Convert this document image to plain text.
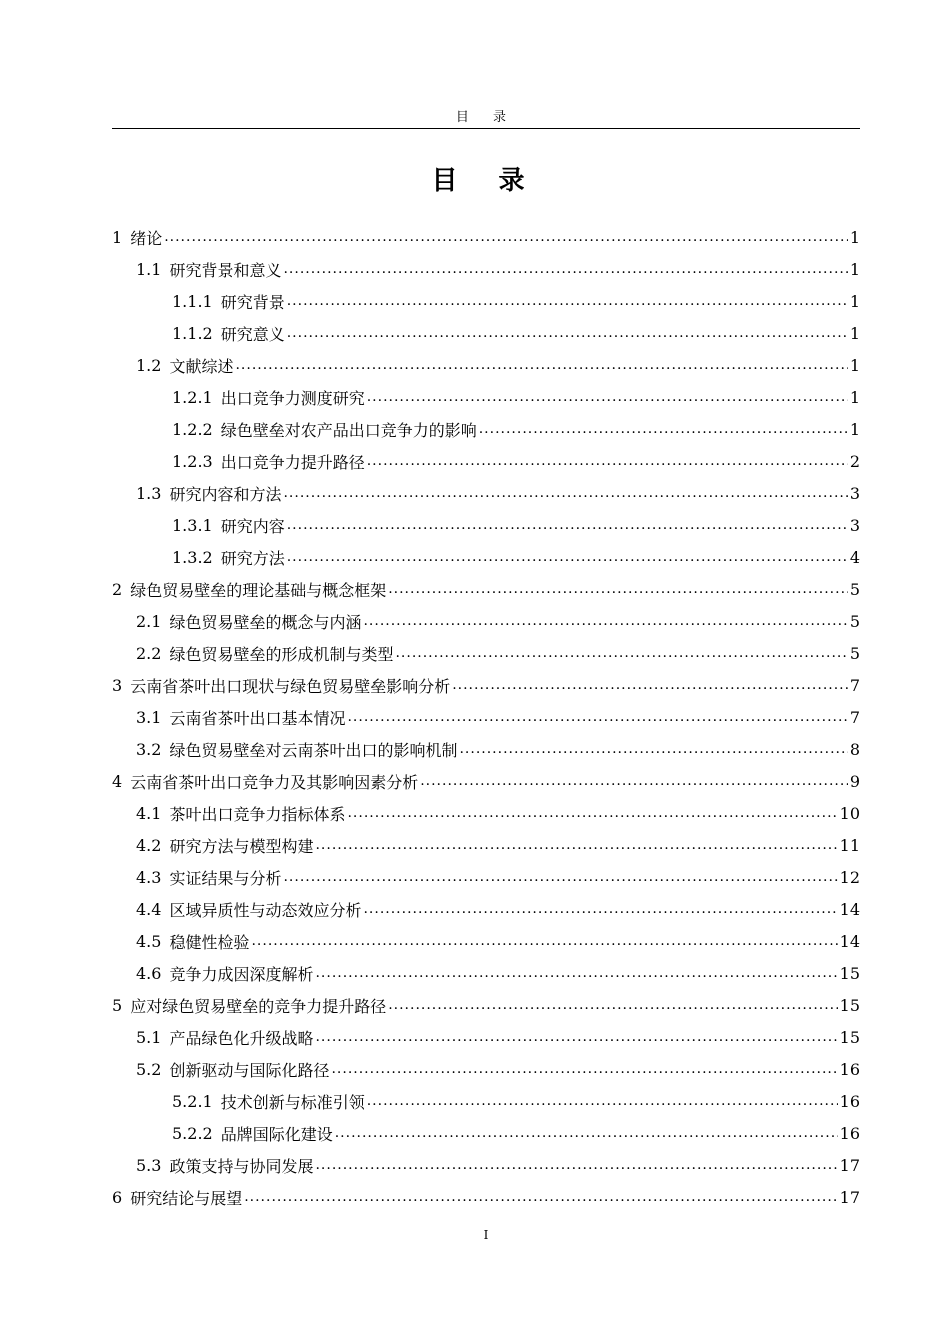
目 录
目 录
1 绪论 .....	1
1.1 研究背景和意义 .....	1
1.1.1 研究背景 .....	1
1.1.2 研究意义 .....	1
1.2 文献综述 .....	1
1.2.1 出口竞争力测度研究 .....	1
1.2.2 绿色壁垒对农产品出口竞争力的影响 .....	1
1.2.3 出口竞争力提升路径 .....	2
1.3 研究内容和方法 .....	3
1.3.1 研究内容 .....	3
1.3.2 研究方法 .....	4
2 绿色贸易壁垒的理论基础与概念框架 .....	5
2.1 绿色贸易壁垒的概念与内涵 .....	5
2.2 绿色贸易壁垒的形成机制与类型 .....	5
3 云南省茶叶出口现状与绿色贸易壁垒影响分析 .....	7
3.1 云南省茶叶出口基本情况 .....	7
3.2 绿色贸易壁垒对云南茶叶出口的影响机制 .....	8
4 云南省茶叶出口竞争力及其影响因素分析 .....	9
4.1 茶叶出口竞争力指标体系 .....	10
4.2 研究方法与模型构建 .....	11
4.3 实证结果与分析 .....	12
4.4 区域异质性与动态效应分析 .....	14
4.5 稳健性检验 .....	14
4.6 竞争力成因深度解析 .....	15
5 应对绿色贸易壁垒的竞争力提升路径 .....	15
5.1 产品绿色化升级战略 .....	15
5.2 创新驱动与国际化路径 .....	16
5.2.1 技术创新与标准引领 .....	16
5.2.2 品牌国际化建设 .....	16
5.3 政策支持与协同发展 .....	17
6 研究结论与展望 .....	17
I
